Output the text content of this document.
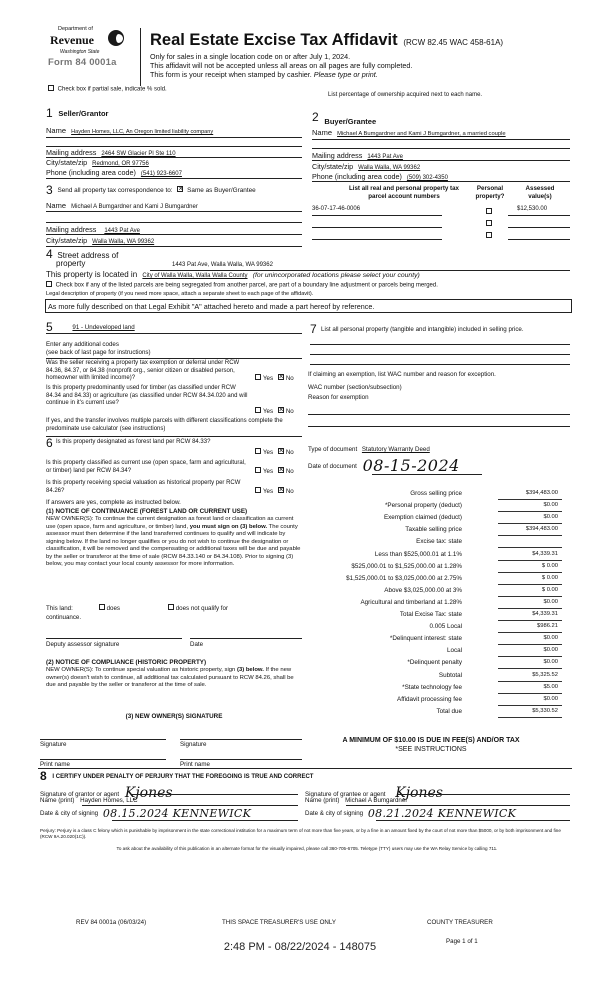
Department of
Revenue
Washington State
Form 84 0001a
Real Estate Excise Tax Affidavit (RCW 82.45 WAC 458-61A)
Only for sales in a single location code on or after July 1, 2024.
This affidavit will not be accepted unless all areas on all pages are fully completed.
This form is your receipt when stamped by cashier. Please type or print.
Check box if partial sale, indicate % sold.
List percentage of ownership acquired next to each name.
1 Seller/Grantor
Name Hayden Homes, LLC, An Oregon limited liability company
Mailing address 2464 SW Glacier Pl Ste 110
City/state/zip Redmond, OR 97756
Phone (including area code) (541) 923-6607
2 Buyer/Grantee
Name Michael A Bumgardner and Kami J Bumgardner, a married couple
Mailing address 1443 Pat Ave
City/state/zip Walla Walla, WA 99362
Phone (including area code) (509) 302-4350
3 Send all property tax correspondence to: × Same as Buyer/Grantee
Name Michael A Bumgardner and Kami J Bumgardner
Mailing address 1443 Pat Ave
City/state/zip Walla Walla, WA 99362
List all real and personal property tax
parcel account numbers
Personal
property?
Assessed
value(s)
36-07-17-46-0006	$12,530.00
4 Street address of
property	1443 Pat Ave, Walla Walla, WA 99362
This property is located in City of Walla Walla, Walla Walla County (for unincorporated locations please select your county)
Check box if any of the listed parcels are being segregated from another parcel, are part of a boundary line adjustment or parcels being merged.
Legal description of property (if you need more space, attach a separate sheet to each page of the affidavit).
As more fully described on that Legal Exhibit "A" attached hereto and made a part hereof by reference.
5	91 - Undeveloped land
Enter any additional codes
(see back of last page for instructions)
Was the seller receiving a property tax exemption or deferral under RCW 84.36, 84.37, or 84.38 (nonprofit org., senior citizen or disabled person, homeowner with limited income)?	Yes × No
Is this property predominantly used for timber (as classified under RCW 84.34 and 84.33) or agriculture (as classified under RCW 84.34.020 and will continue in it's current use?
Yes × No
If yes, and the transfer involves multiple parcels with different classifications complete the predominate use calculator (see instructions)
6 Is this property designated as forest land per RCW 84.33?
Yes × No
Is this property classified as current use (open space, farm and agricultural, or timber) land per RCW 84.34?	Yes × No
Is this property receiving special valuation as historical property per RCW 84.26?	Yes × No
If answers are yes, complete as instructed below.
(1) NOTICE OF CONTINUANCE (FOREST LAND OR CURRENT USE)
NEW OWNER(S): To continue the current designation as forest land or classification as current use (open space, farm and agriculture, or timber) land, you must sign on (3) below. The county assessor must then determine if the land transferred continues to qualify and will indicate by signing below. If the land no longer qualifies or you do not wish to continue the designation or classification, it will be removed and the compensating or additional taxes will be due and payable by the seller or transferor at the time of sale (RCW 84.33.140 or 84.34.108). Prior to signing (3) below, you may contact your local county assessor for more information.
This land:	does	does not qualify for
continuance.
Deputy assessor signature	Date
(2) NOTICE OF COMPLIANCE (HISTORIC PROPERTY)
NEW OWNER(S): To continue special valuation as historic property, sign (3) below. If the new owner(s) doesn't wish to continue, all additional tax calculated pursuant to RCW 84.26, shall be due and payable by the seller or transferor at the time of sale.
(3) NEW OWNER(S) SIGNATURE
Signature	Signature
Print name	Print name
7 List all personal property (tangible and intangible) included in selling price.
If claiming an exemption, list WAC number and reason for exception.
WAC number (section/subsection)
Reason for exemption
Type of document Statutory Warranty Deed
Date of document 08-15-2024
Gross selling price	$394,483.00
*Personal property (deduct)	$0.00
Exemption claimed (deduct)	$0.00
Taxable selling price	$394,483.00
Excise tax: state
Less than $525,000.01 at 1.1%	$4,339.31
$525,000.01 to $1,525,000.00 at 1.28%	$ 0.00
$1,525,000.01 to $3,025,000.00 at 2.75%	$ 0.00
Above $3,025,000.00 at 3%	$ 0.00
Agricultural and timberland at 1.28%	$0.00
Total Excise Tax: state	$4,339.31
0.005 Local	$986.21
*Delinquent interest: state	$0.00
Local	$0.00
*Delinquent penalty	$0.00
Subtotal	$5,325.52
*State technology fee	$5.00
Affidavit processing fee	$0.00
Total due	$5,330.52
A MINIMUM OF $10.00 IS DUE IN FEE(S) AND/OR TAX
*SEE INSTRUCTIONS
8 I CERTIFY UNDER PENALTY OF PERJURY THAT THE FOREGOING IS TRUE AND CORRECT
Signature of grantor or agent Kjones
Name (print) Hayden Homes, LLC
Date & city of signing 08.15.2024 KENNEWICK
Signature of grantee or agent Kjones
Name (print) Michael A Bumgardner
Date & city of signing 08.21.2024 KENNEWICK
Perjury: Perjury is a class C felony which is punishable by imprisonment in the state correctional institution for a maximum term of not more than five years, or by a fine in an amount fixed by the court of not more than $5000, or by both imprisonment and fine (RCW 9A.20.020(1C)).
To ask about the availability of this publication in an alternate format for the visually impaired, please call 360-705-6705. Teletype (TTY) users may use the WA Relay Service by calling 711.
REV 84 0001a (06/03/24)	THIS SPACE TREASURER'S USE ONLY	COUNTY TREASURER
Page 1 of 1
2:48 PM - 08/22/2024 - 148075
